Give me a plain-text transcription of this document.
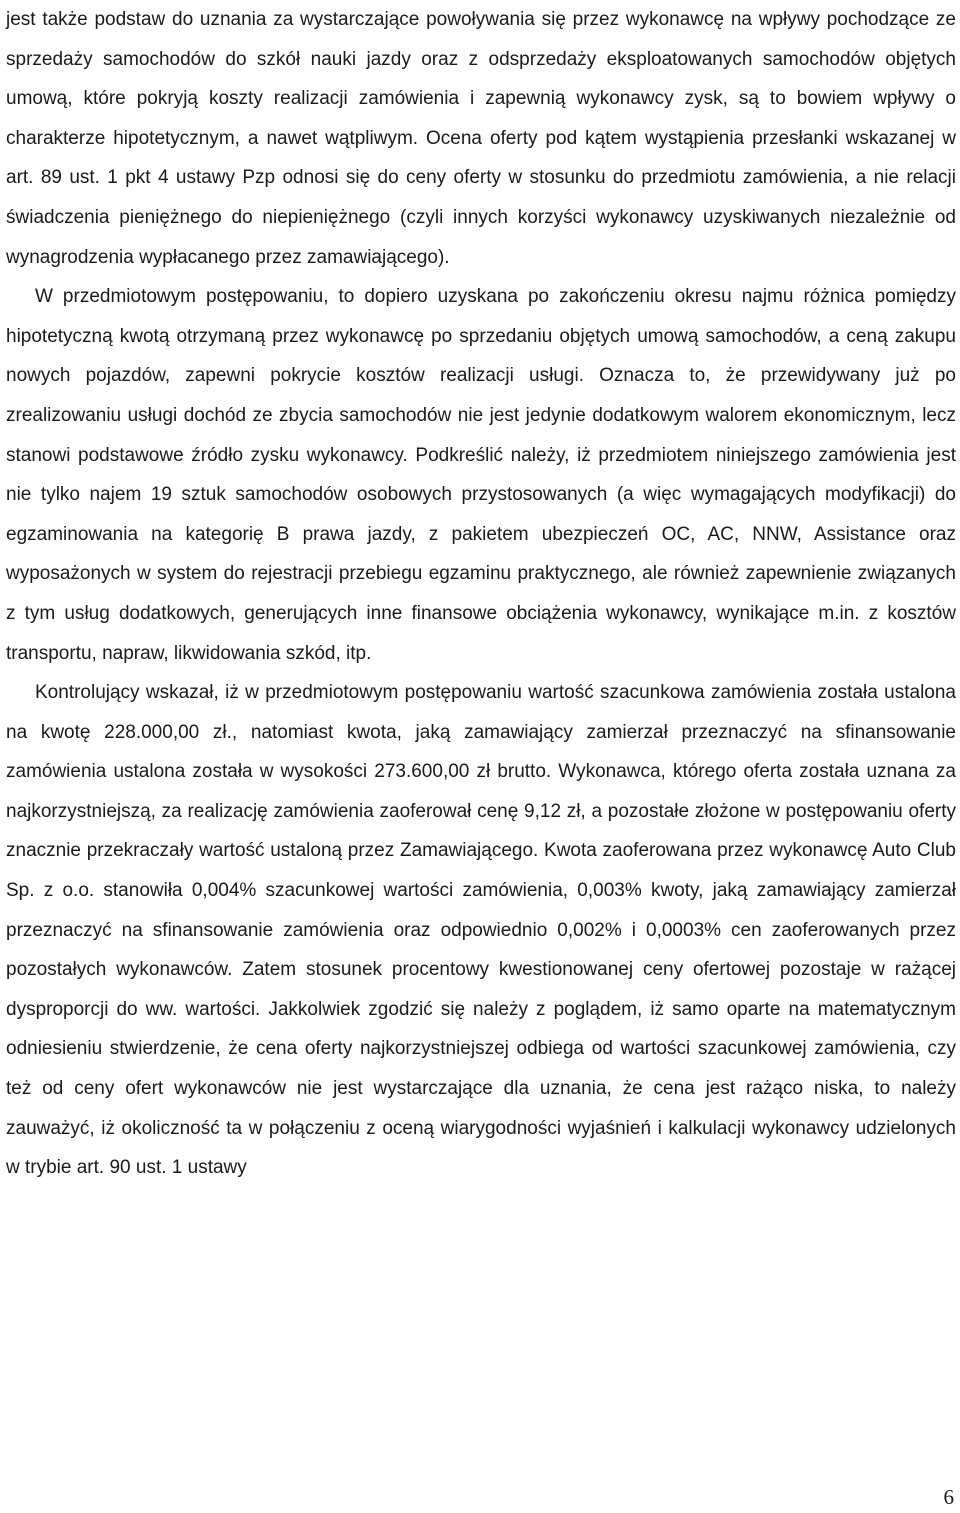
jest także podstaw do uznania za wystarczające powoływania się przez wykonawcę na wpływy pochodzące ze sprzedaży samochodów do szkół nauki jazdy oraz z odsprzedaży eksploatowanych samochodów objętych umową, które pokryją koszty realizacji zamówienia i zapewnią wykonawcy zysk, są to bowiem wpływy o charakterze hipotetycznym, a nawet wątpliwym. Ocena oferty pod kątem wystąpienia przesłanki wskazanej w art. 89 ust. 1 pkt 4 ustawy Pzp odnosi się do ceny oferty w stosunku do przedmiotu zamówienia, a nie relacji świadczenia pieniężnego do niepieniężnego (czyli innych korzyści wykonawcy uzyskiwanych niezależnie od wynagrodzenia wypłacanego przez zamawiającego).

W przedmiotowym postępowaniu, to dopiero uzyskana po zakończeniu okresu najmu różnica pomiędzy hipotetyczną kwotą otrzymaną przez wykonawcę po sprzedaniu objętych umową samochodów, a ceną zakupu nowych pojazdów, zapewni pokrycie kosztów realizacji usługi. Oznacza to, że przewidywany już po zrealizowaniu usługi dochód ze zbycia samochodów nie jest jedynie dodatkowym walorem ekonomicznym, lecz stanowi podstawowe źródło zysku wykonawcy. Podkreślić należy, iż przedmiotem niniejszego zamówienia jest nie tylko najem 19 sztuk samochodów osobowych przystosowanych (a więc wymagających modyfikacji) do egzaminowania na kategorię B prawa jazdy, z pakietem ubezpieczeń OC, AC, NNW, Assistance oraz wyposażonych w system do rejestracji przebiegu egzaminu praktycznego, ale również zapewnienie związanych z tym usług dodatkowych, generujących inne finansowe obciążenia wykonawcy, wynikające m.in. z kosztów transportu, napraw, likwidowania szkód, itp.

Kontrolujący wskazał, iż w przedmiotowym postępowaniu wartość szacunkowa zamówienia została ustalona na kwotę 228.000,00 zł., natomiast kwota, jaką zamawiający zamierzał przeznaczyć na sfinansowanie zamówienia ustalona została w wysokości 273.600,00 zł brutto. Wykonawca, którego oferta została uznana za najkorzystniejszą, za realizację zamówienia zaoferował cenę 9,12 zł, a pozostałe złożone w postępowaniu oferty znacznie przekraczały wartość ustaloną przez Zamawiającego. Kwota zaoferowana przez wykonawcę Auto Club Sp. z o.o. stanowiła 0,004% szacunkowej wartości zamówienia, 0,003% kwoty, jaką zamawiający zamierzał przeznaczyć na sfinansowanie zamówienia oraz odpowiednio 0,002% i 0,0003% cen zaoferowanych przez pozostałych wykonawców. Zatem stosunek procentowy kwestionowanej ceny ofertowej pozostaje w rażącej dysproporcji do ww. wartości. Jakkolwiek zgodzić się należy z poglądem, iż samo oparte na matematycznym odniesieniu stwierdzenie, że cena oferty najkorzystniejszej odbiega od wartości szacunkowej zamówienia, czy też od ceny ofert wykonawców nie jest wystarczające dla uznania, że cena jest rażąco niska, to należy zauważyć, iż okoliczność ta w połączeniu z oceną wiarygodności wyjaśnień i kalkulacji wykonawcy udzielonych w trybie art. 90 ust. 1 ustawy

6
